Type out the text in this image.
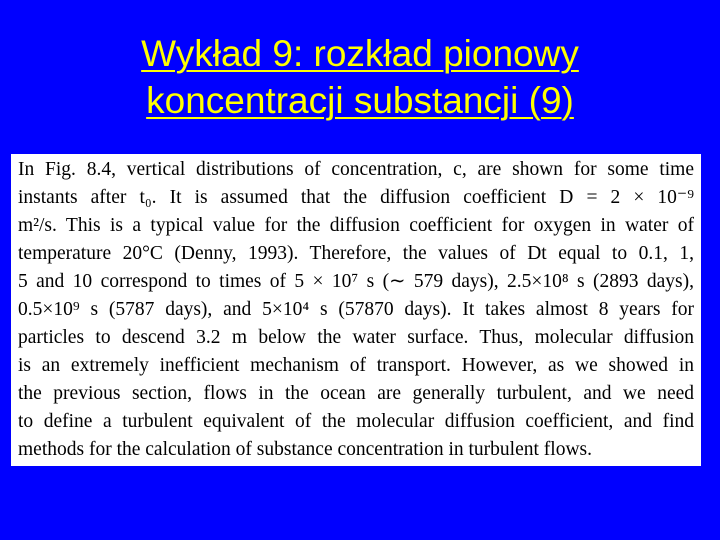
Wykład 9: rozkład pionowy
koncentracji substancji (9)
In Fig. 8.4, vertical distributions of concentration, c, are shown for some time
instants after t₀. It is assumed that the diffusion coefficient D = 2 × 10⁻⁹
m²/s. This is a typical value for the diffusion coefficient for oxygen in water of
temperature 20°C (Denny, 1993). Therefore, the values of Dt equal to 0.1, 1,
5 and 10 correspond to times of 5 × 10⁷ s (∼ 579 days), 2.5×10⁸ s (2893 days),
0.5×10⁹ s (5787 days), and 5×10⁴ s (57870 days). It takes almost 8 years for
particles to descend 3.2 m below the water surface. Thus, molecular diffusion
is an extremely inefficient mechanism of transport. However, as we showed in
the previous section, flows in the ocean are generally turbulent, and we need
to define a turbulent equivalent of the molecular diffusion coefficient, and find
methods for the calculation of substance concentration in turbulent flows.
